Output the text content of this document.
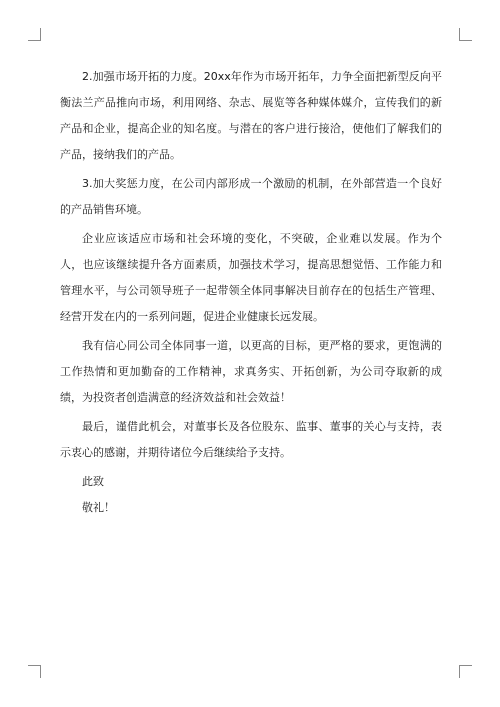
2.加强市场开拓的力度。20xx年作为市场开拓年，力争全面把新型反向平衡法兰产品推向市场，利用网络、杂志、展览等各种媒体媒介，宣传我们的新产品和企业，提高企业的知名度。与潜在的客户进行接洽，使他们了解我们的产品，接纳我们的产品。

3.加大奖惩力度，在公司内部形成一个激励的机制，在外部营造一个良好的产品销售环境。

企业应该适应市场和社会环境的变化，不突破，企业难以发展。作为个人，也应该继续提升各方面素质，加强技术学习，提高思想觉悟、工作能力和管理水平，与公司领导班子一起带领全体同事解决目前存在的包括生产管理、经营开发在内的一系列问题，促进企业健康长远发展。

我有信心同公司全体同事一道，以更高的目标，更严格的要求，更饱满的工作热情和更加勤奋的工作精神，求真务实、开拓创新，为公司夺取新的成绩，为投资者创造满意的经济效益和社会效益！

最后，谨借此机会，对董事长及各位股东、监事、董事的关心与支持，表示衷心的感谢，并期待诸位今后继续给予支持。

此致

敬礼！
